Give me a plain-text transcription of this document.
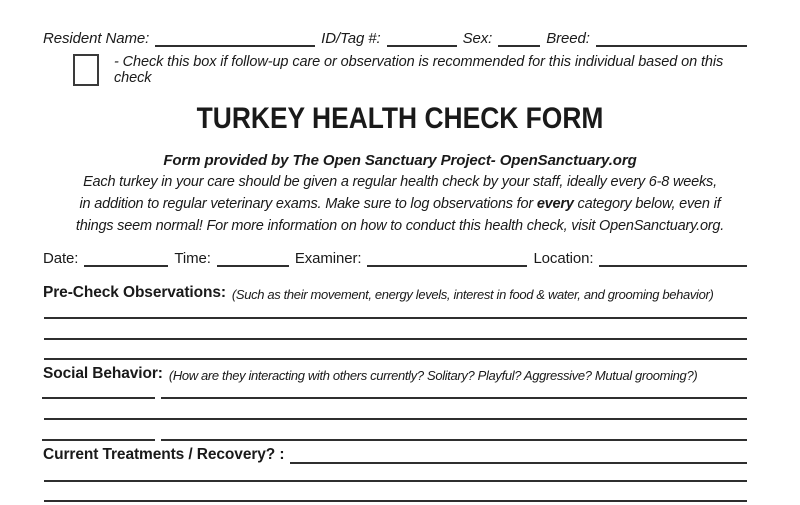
Resident Name:	ID/Tag #:	Sex:	Breed:
- Check this box if follow-up care or observation is recommended for this individual based on this check
TURKEY HEALTH CHECK FORM
Form provided by The Open Sanctuary Project- OpenSanctuary.org
Each turkey in your care should be given a regular health check by your staff, ideally every 6-8 weeks,
in addition to regular veterinary exams. Make sure to log observations for every category below, even if
things seem normal! For more information on how to conduct this health check, visit OpenSanctuary.org.
Date:	Time:	Examiner:	Location:
Pre-Check Observations: (Such as their movement, energy levels, interest in food & water, and grooming behavior)
Social Behavior: (How are they interacting with others currently? Solitary? Playful? Aggressive? Mutual grooming?)
Current Treatments / Recovery? :
